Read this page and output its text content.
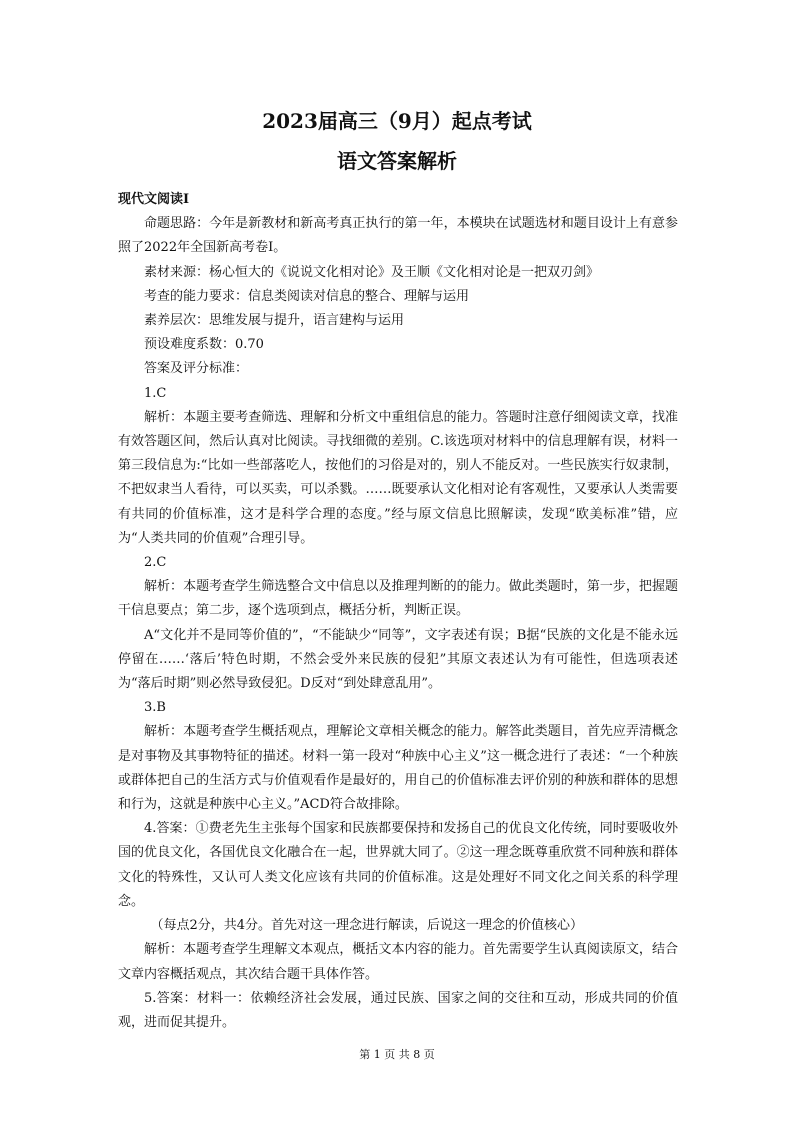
2023届高三（9月）起点考试
语文答案解析

现代文阅读I

命题思路：今年是新教材和新高考真正执行的第一年，本模块在试题选材和题目设计上有意参照了2022年全国新高考卷I。

素材来源：杨心恒大的《说说文化相对论》及王顺《文化相对论是一把双刃剑》

考查的能力要求：信息类阅读对信息的整合、理解与运用

素养层次：思维发展与提升，语言建构与运用

预设难度系数：0.70

答案及评分标准：

1.C

解析：本题主要考查筛选、理解和分析文中重组信息的能力。答题时注意仔细阅读文章，找准有效答题区间，然后认真对比阅读。寻找细微的差别。C.该选项对材料中的信息理解有误，材料一第三段信息为:“比如一些部落吃人，按他们的习俗是对的，别人不能反对。一些民族实行奴隶制，不把奴隶当人看待，可以买卖，可以杀戮。……既要承认文化相对论有客观性，又要承认人类需要有共同的价值标准，这才是科学合理的态度。”经与原文信息比照解读，发现“欧美标准”错，应为“人类共同的价值观”合理引导。

2.C

解析：本题考查学生筛选整合文中信息以及推理判断的的能力。做此类题时，第一步，把握题干信息要点；第二步，逐个选项到点，概括分析，判断正误。

A“文化并不是同等价值的”，“不能缺少“同等”，文字表述有误；B据“民族的文化是不能永远停留在……‘落后’特色时期，不然会受外来民族的侵犯”其原文表述认为有可能性，但选项表述为“落后时期”则必然导致侵犯。D反对“到处肆意乱用”。

3.B

解析：本题考查学生概括观点，理解论文章相关概念的能力。解答此类题目，首先应弄清概念是对事物及其事物特征的描述。材料一第一段对“种族中心主义”这一概念进行了表述：“一个种族或群体把自己的生活方式与价值观看作是最好的，用自己的价值标准去评价别的种族和群体的思想和行为，这就是种族中心主义。”ACD符合故排除。

4.答案：①费老先生主张每个国家和民族都要保持和发扬自己的优良文化传统，同时要吸收外国的优良文化，各国优良文化融合在一起，世界就大同了。②这一理念既尊重欣赏不同种族和群体文化的特殊性，又认可人类文化应该有共同的价值标准。这是处理好不同文化之间关系的科学理念。

（每点2分，共4分。首先对这一理念进行解读，后说这一理念的价值核心）

解析：本题考查学生理解文本观点，概括文本内容的能力。首先需要学生认真阅读原文，结合文章内容概括观点，其次结合题干具体作答。

5.答案：材料一：依赖经济社会发展，通过民族、国家之间的交往和互动，形成共同的价值观，进而促其提升。

第 1 页 共 8 页
